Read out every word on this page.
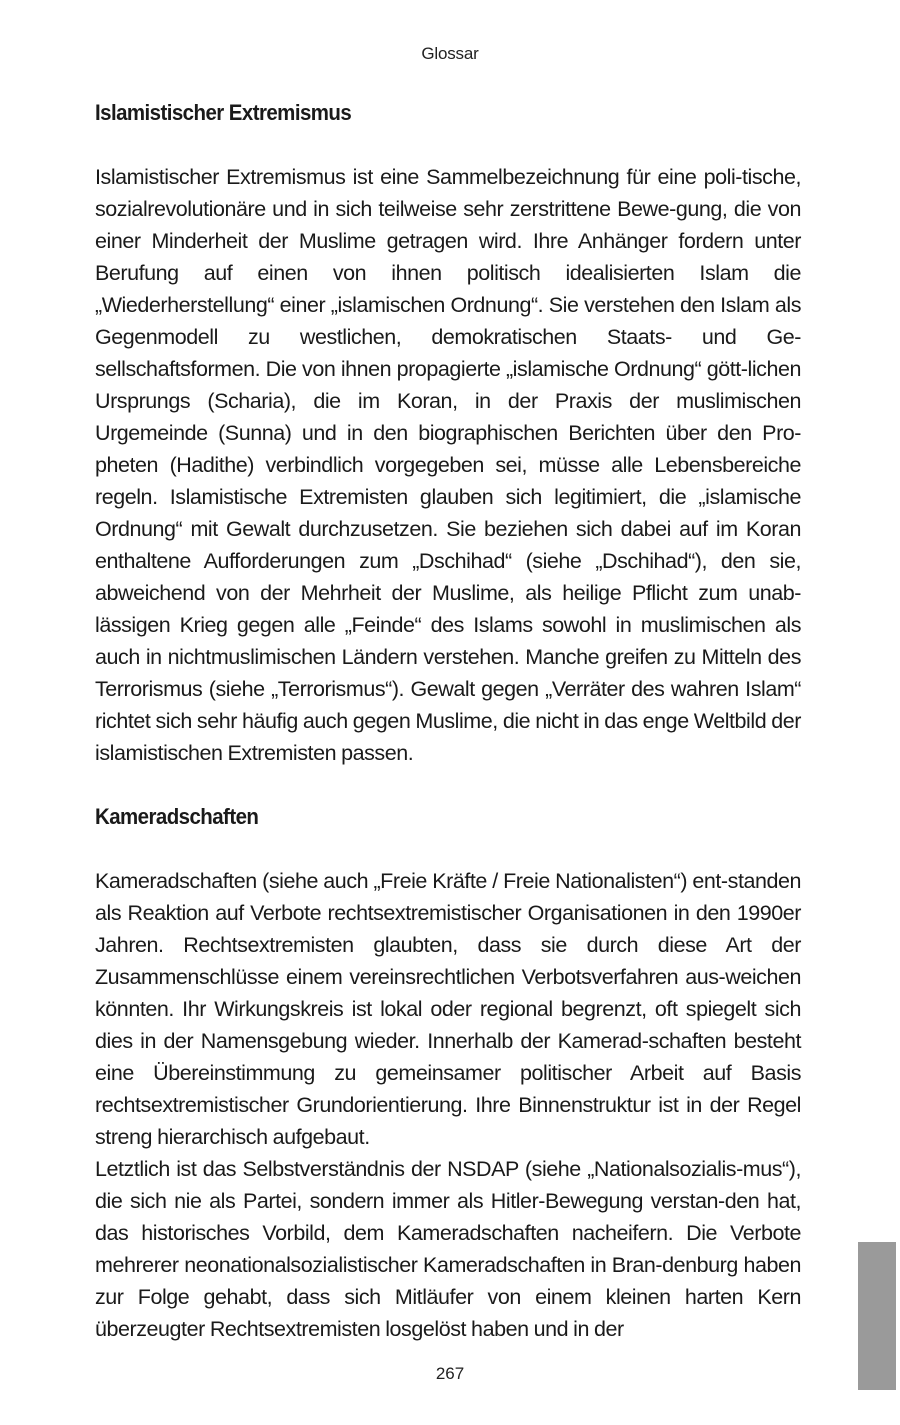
Glossar
Islamistischer Extremismus

Islamistischer Extremismus ist eine Sammelbezeichnung für eine poli-tische, sozialrevolutionäre und in sich teilweise sehr zerstrittene Bewe-gung, die von einer Minderheit der Muslime getragen wird. Ihre Anhänger fordern unter Berufung auf einen von ihnen politisch idealisierten Islam die „Wiederherstellung“ einer „islamischen Ordnung“. Sie verstehen den Islam als Gegenmodell zu westlichen, demokratischen Staats- und Ge-sellschaftsformen. Die von ihnen propagierte „islamische Ordnung“ gött-lichen Ursprungs (Scharia), die im Koran, in der Praxis der muslimischen Urgemeinde (Sunna) und in den biographischen Berichten über den Pro-pheten (Hadithe) verbindlich vorgegeben sei, müsse alle Lebensbereiche regeln. Islamistische Extremisten glauben sich legitimiert, die „islamische Ordnung“ mit Gewalt durchzusetzen. Sie beziehen sich dabei auf im Koran enthaltene Aufforderungen zum „Dschihad“ (siehe „Dschihad“), den sie, abweichend von der Mehrheit der Muslime, als heilige Pflicht zum unab-lässigen Krieg gegen alle „Feinde“ des Islams sowohl in muslimischen als auch in nichtmuslimischen Ländern verstehen. Manche greifen zu Mitteln des Terrorismus (siehe „Terrorismus“). Gewalt gegen „Verräter des wahren Islam“ richtet sich sehr häufig auch gegen Muslime, die nicht in das enge Weltbild der islamistischen Extremisten passen.

Kameradschaften

Kameradschaften (siehe auch „Freie Kräfte / Freie Nationalisten“) ent-standen als Reaktion auf Verbote rechtsextremistischer Organisationen in den 1990er Jahren. Rechtsextremisten glaubten, dass sie durch diese Art der Zusammenschlüsse einem vereinsrechtlichen Verbotsverfahren aus-weichen könnten. Ihr Wirkungskreis ist lokal oder regional begrenzt, oft spiegelt sich dies in der Namensgebung wieder. Innerhalb der Kamerad-schaften besteht eine Übereinstimmung zu gemeinsamer politischer Arbeit auf Basis rechtsextremistischer Grundorientierung. Ihre Binnenstruktur ist in der Regel streng hierarchisch aufgebaut.

Letztlich ist das Selbstverständnis der NSDAP (siehe „Nationalsozialis-mus“), die sich nie als Partei, sondern immer als Hitler-Bewegung verstan-den hat, das historisches Vorbild, dem Kameradschaften nacheifern. Die Verbote mehrerer neonationalsozialistischer Kameradschaften in Bran-denburg haben zur Folge gehabt, dass sich Mitläufer von einem kleinen harten Kern überzeugter Rechtsextremisten losgelöst haben und in der

267
